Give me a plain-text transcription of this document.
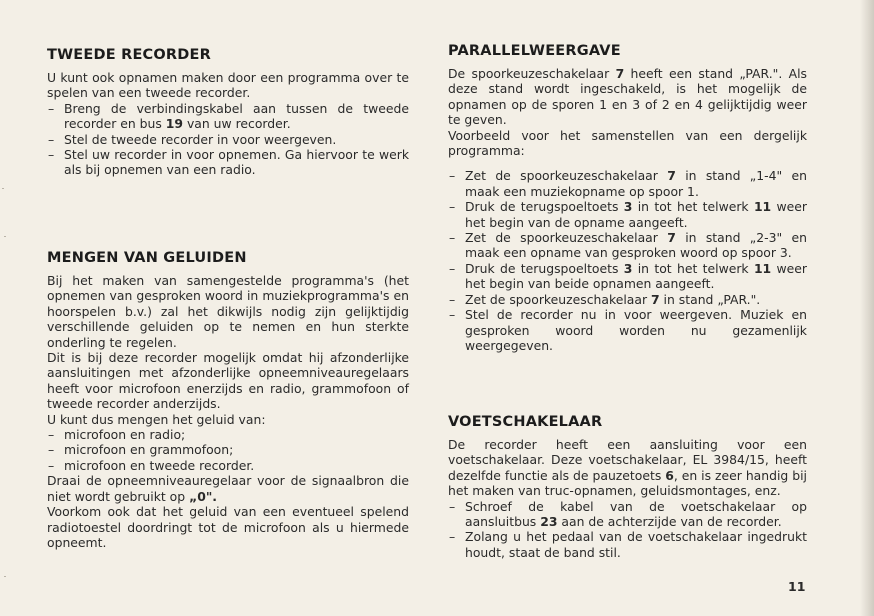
TWEEDE RECORDER

U kunt ook opnamen maken door een programma over te spelen van een tweede recorder.

– Breng de verbindingskabel aan tussen de tweede recorder en bus 19 van uw recorder.
– Stel de tweede recorder in voor weergeven.
– Stel uw recorder in voor opnemen. Ga hiervoor te werk als bij opnemen van een radio.
MENGEN VAN GELUIDEN

Bij het maken van samengestelde programma's (het opnemen van gesproken woord in muziekprogramma's en hoorspelen b.v.) zal het dikwijls nodig zijn gelijktijdig verschillende geluiden op te nemen en hun sterkte onderling te regelen.

Dit is bij deze recorder mogelijk omdat hij afzonderlijke aansluitingen met afzonderlijke opneemniveauregelaars heeft voor microfoon enerzijds en radio, grammofoon of tweede recorder anderzijds.

U kunt dus mengen het geluid van:

– microfoon en radio;
– microfoon en grammofoon;
– microfoon en tweede recorder.

Draai de opneemniveauregelaar voor de signaalbron die niet wordt gebruikt op „0".

Voorkom ook dat het geluid van een eventueel spelend radiotoestel doordringt tot de microfoon als u hiermede opneemt.

PARALLELWEERGAVE

De spoorkeuzeschakelaar 7 heeft een stand „PAR.". Als deze stand wordt ingeschakeld, is het mogelijk de opnamen op de sporen 1 en 3 of 2 en 4 gelijktijdig weer te geven.

Voorbeeld voor het samenstellen van een dergelijk programma:

– Zet de spoorkeuzeschakelaar 7 in stand „1-4" en maak een muziekopname op spoor 1.
– Druk de terugspoeltoets 3 in tot het telwerk 11 weer het begin van de opname aangeeft.
– Zet de spoorkeuzeschakelaar 7 in stand „2-3" en maak een opname van gesproken woord op spoor 3.
– Druk de terugspoeltoets 3 in tot het telwerk 11 weer het begin van beide opnamen aangeeft.
– Zet de spoorkeuzeschakelaar 7 in stand „PAR.".
– Stel de recorder nu in voor weergeven. Muziek en gesproken woord worden nu gezamenlijk weergegeven.
VOETSCHAKELAAR

De recorder heeft een aansluiting voor een voetschakelaar. Deze voetschakelaar, EL 3984/15, heeft dezelfde functie als de pauzetoets 6, en is zeer handig bij het maken van truc-opnamen, geluidsmontages, enz.

– Schroef de kabel van de voetschakelaar op aansluitbus 23 aan de achterzijde van de recorder.
– Zolang u het pedaal van de voetschakelaar ingedrukt houdt, staat de band stil.
11
